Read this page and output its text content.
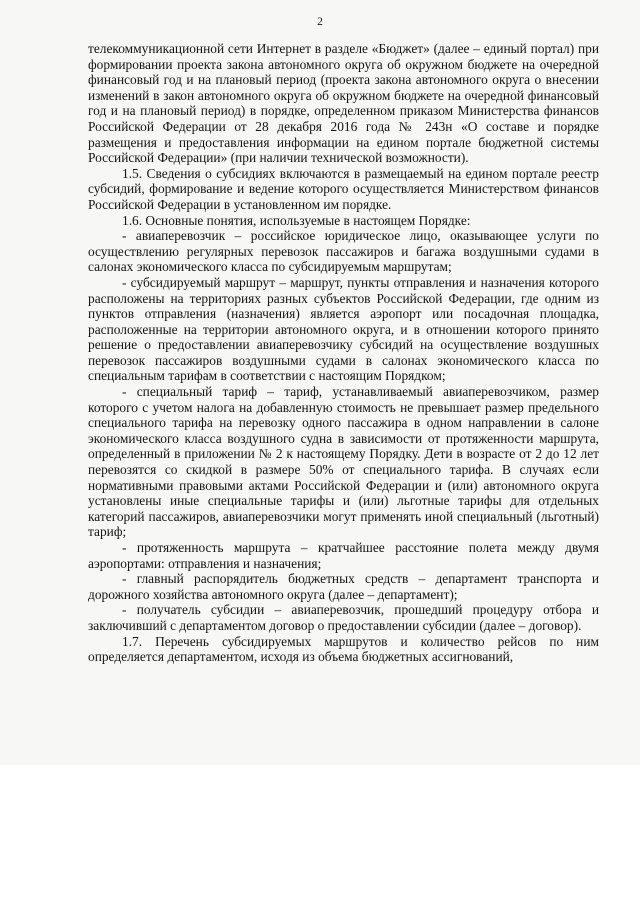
2

телекоммуникационной сети Интернет в разделе «Бюджет» (далее – единый портал) при формировании проекта закона автономного округа об окружном бюджете на очередной финансовый год и на плановый период (проекта закона автономного округа о внесении изменений в закон автономного округа об окружном бюджете на очередной финансовый год и на плановый период) в порядке, определенном приказом Министерства финансов Российской Федерации от 28 декабря 2016 года № 243н «О составе и порядке размещения и предоставления информации на едином портале бюджетной системы Российской Федерации» (при наличии технической возможности).

1.5. Сведения о субсидиях включаются в размещаемый на едином портале реестр субсидий, формирование и ведение которого осуществляется Министерством финансов Российской Федерации в установленном им порядке.

1.6. Основные понятия, используемые в настоящем Порядке:

- авиаперевозчик – российское юридическое лицо, оказывающее услуги по осуществлению регулярных перевозок пассажиров и багажа воздушными судами в салонах экономического класса по субсидируемым маршрутам;

- субсидируемый маршрут – маршрут, пункты отправления и назначения которого расположены на территориях разных субъектов Российской Федерации, где одним из пунктов отправления (назначения) является аэропорт или посадочная площадка, расположенные на территории автономного округа, и в отношении которого принято решение о предоставлении авиаперевозчику субсидий на осуществление воздушных перевозок пассажиров воздушными судами в салонах экономического класса по специальным тарифам в соответствии с настоящим Порядком;

- специальный тариф – тариф, устанавливаемый авиаперевозчиком, размер которого с учетом налога на добавленную стоимость не превышает размер предельного специального тарифа на перевозку одного пассажира в одном направлении в салоне экономического класса воздушного судна в зависимости от протяженности маршрута, определенный в приложении № 2 к настоящему Порядку. Дети в возрасте от 2 до 12 лет перевозятся со скидкой в размере 50% от специального тарифа. В случаях если нормативными правовыми актами Российской Федерации и (или) автономного округа установлены иные специальные тарифы и (или) льготные тарифы для отдельных категорий пассажиров, авиаперевозчики могут применять иной специальный (льготный) тариф;

- протяженность маршрута – кратчайшее расстояние полета между двумя аэропортами: отправления и назначения;

- главный распорядитель бюджетных средств – департамент транспорта и дорожного хозяйства автономного округа (далее – департамент);

- получатель субсидии – авиаперевозчик, прошедший процедуру отбора и заключивший с департаментом договор о предоставлении субсидии (далее – договор).

1.7. Перечень субсидируемых маршрутов и количество рейсов по ним определяется департаментом, исходя из объема бюджетных ассигнований,
